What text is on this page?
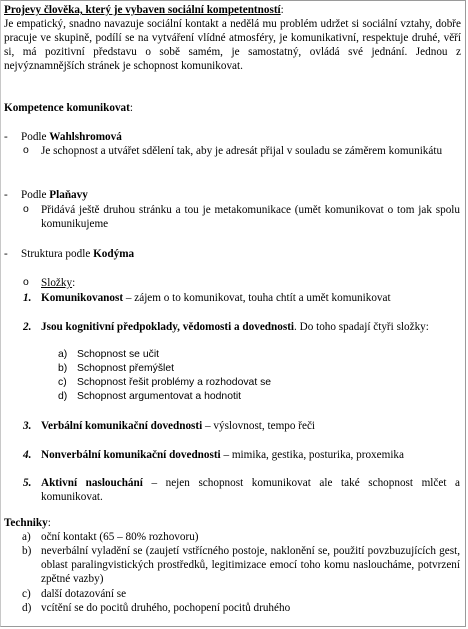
Projevy člověka, který je vybaven sociální kompetentností:
Je empatický, snadno navazuje sociální kontakt a nedělá mu problém udržet si sociální vztahy, dobře pracuje ve skupině, podílí se na vytváření vlídné atmosféry, je komunikativní, respektuje druhé, věří si, má pozitivní představu o sobě samém, je samostatný, ovládá své jednání. Jednou z nejvýznamnějších stránek je schopnost komunikovat.
Kompetence komunikovat:
- Podle Wahlshromová
o Je schopnost a utvářet sdělení tak, aby je adresát přijal v souladu se záměrem komunikátu
- Podle Plaňavy
o Přidává ještě druhou stránku a tou je metakomunikace (umět komunikovat o tom jak spolu komunikujeme
- Struktura podle Kodýma
o Složky:
1. Komunikovanost – zájem o to komunikovat, touha chtít a umět komunikovat
2. Jsou kognitivní předpoklady, vědomosti a dovednosti. Do toho spadají čtyři složky:
a) Schopnost se učit
b) Schopnost přemýšlet
c) Schopnost řešit problémy a rozhodovat se
d) Schopnost argumentovat a hodnotit
3. Verbální komunikační dovednosti – výslovnost, tempo řeči
4. Nonverbální komunikační dovednosti – mimika, gestika, posturika, proxemika
5. Aktivní naslouchání – nejen schopnost komunikovat ale také schopnost mlčet a komunikovat.
Techniky:
a) oční kontakt (65 – 80% rozhovoru)
b) neverbální vyladění se (zaujetí vstřícného postoje, naklonění se, použití povzbuzujících gest, oblast paralingvistických prostředků, legitimizace emocí toho komu nasloucháme, potvrzení zpětné vazby)
c) další dotazování se
d) vcítění se do pocitů druhého, pochopení pocitů druhého
